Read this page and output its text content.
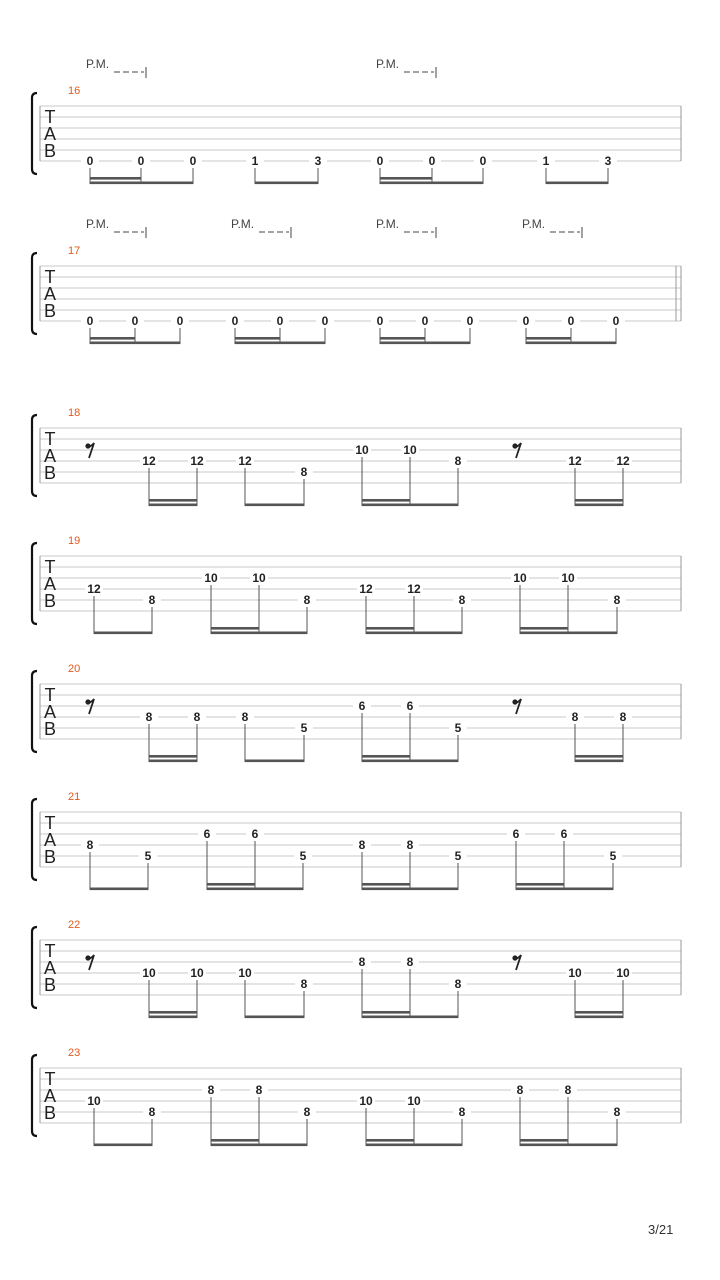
T
A
B
16
P.M.	P.M.
0	0	0	1	3	0	0	0	1	3
T
A
B
17
P.M.	P.M.	P.M.	P.M.
0	0	0	0	0	0	0	0	0	0	0	0
T
A
B
18
12	12	12
8
10	10
8	12	12
T
A
B
19
12
8
10	10
8
12	12
8
10	10
8
T
A
B
20
8	8	8
5
6	6
5
8	8
T
A
B
21
8
5
6	6
5
8	8
5
6	6
5
T
A
B
22
10	10	10
8
8	8
8
10	10
T
A
B
23
10
8
8	8
8
10	10
8
8	8
8
3/21
